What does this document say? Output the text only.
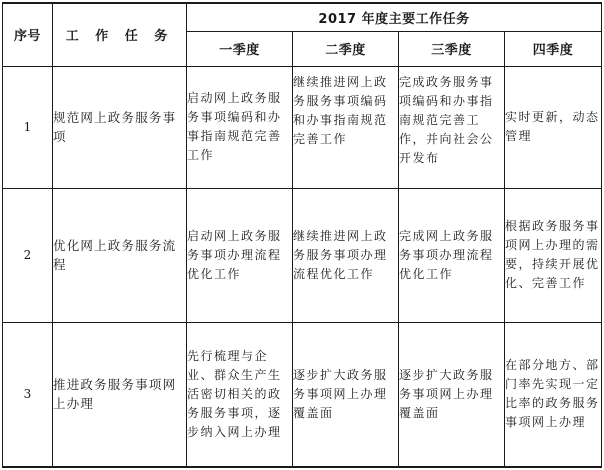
序号	工 作 任 务	2017 年度主要工作任务			
		一季度	二季度	三季度	四季度
1	规范网上政务服务事项	启动网上政务服务事项编码和办事指南规范完善工作	继续推进网上政务服务事项编码和办事指南规范完善工作	完成政务服务事项编码和办事指南规范完善工作，并向社会公开发布	实时更新，动态管理
2	优化网上政务服务流程	启动网上政务服务事项办理流程优化工作	继续推进网上政务服务事项办理流程优化工作	完成网上政务服务事项办理流程优化工作	根据政务服务事项网上办理的需要，持续开展优化、完善工作
3	推进政务服务事项网上办理	先行梳理与企业、群众生产生活密切相关的政务服务事项，逐步纳入网上办理	逐步扩大政务服务事项网上办理覆盖面	逐步扩大政务服务事项网上办理覆盖面	在部分地方、部门率先实现一定比率的政务服务事项网上办理
